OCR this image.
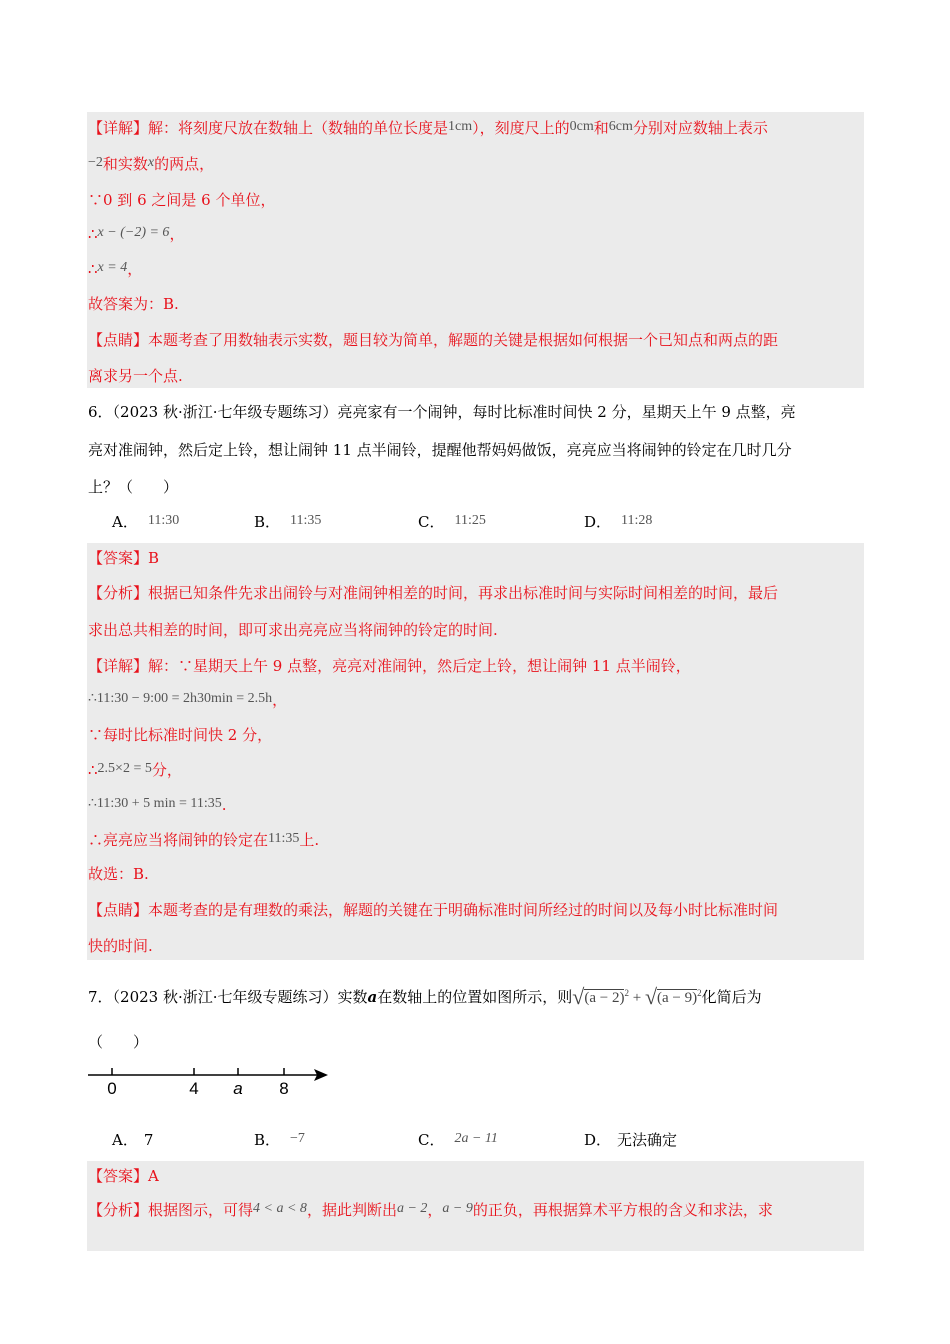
【详解】解：将刻度尺放在数轴上（数轴的单位长度是1cm），刻度尺上的0cm和6cm分别对应数轴上表示
−2和实数x的两点，
∵0 到 6 之间是 6 个单位，
∴x − (−2) = 6，
∴x = 4，
故答案为：B.
【点睛】本题考查了用数轴表示实数，题目较为简单，解题的关键是根据如何根据一个已知点和两点的距
离求另一个点.
6．（2023 秋·浙江·七年级专题练习）亮亮家有一个闹钟，每时比标准时间快 2 分，星期天上午 9 点整，亮
亮对准闹钟，然后定上铃，想让闹钟 11 点半闹铃，提醒他帮妈妈做饭，亮亮应当将闹钟的铃定在几时几分
上？（　　）
A． 11:30	B． 11:35	C． 11:25	D． 11:28
【答案】B
【分析】根据已知条件先求出闹铃与对准闹钟相差的时间，再求出标准时间与实际时间相差的时间，最后
求出总共相差的时间，即可求出亮亮应当将闹钟的铃定的时间.
【详解】解：∵星期天上午 9 点整，亮亮对准闹钟，然后定上铃，想让闹钟 11 点半闹铃，
∴11:30 − 9:00 = 2h30min = 2.5h，
∵每时比标准时间快 2 分，
∴2.5×2 = 5分，
∴11:30 + 5 min = 11:35.
∴亮亮应当将闹钟的铃定在11:35上.
故选：B.
【点睛】本题考查的是有理数的乘法，解题的关键在于明确标准时间所经过的时间以及每小时比标准时间
快的时间.
7．（2023 秋·浙江·七年级专题练习）实数a在数轴上的位置如图所示，则$√(a - 2)^2 + √(a - 9)^2$化简后为
（　　）
0	4 a 8
A． 7	B． −7	C． 2a − 11	D． 无法确定
【答案】A
【分析】根据图示，可得4 < a < 8，据此判断出a − 2，a − 9的正负，再根据算术平方根的含义和求法，求
